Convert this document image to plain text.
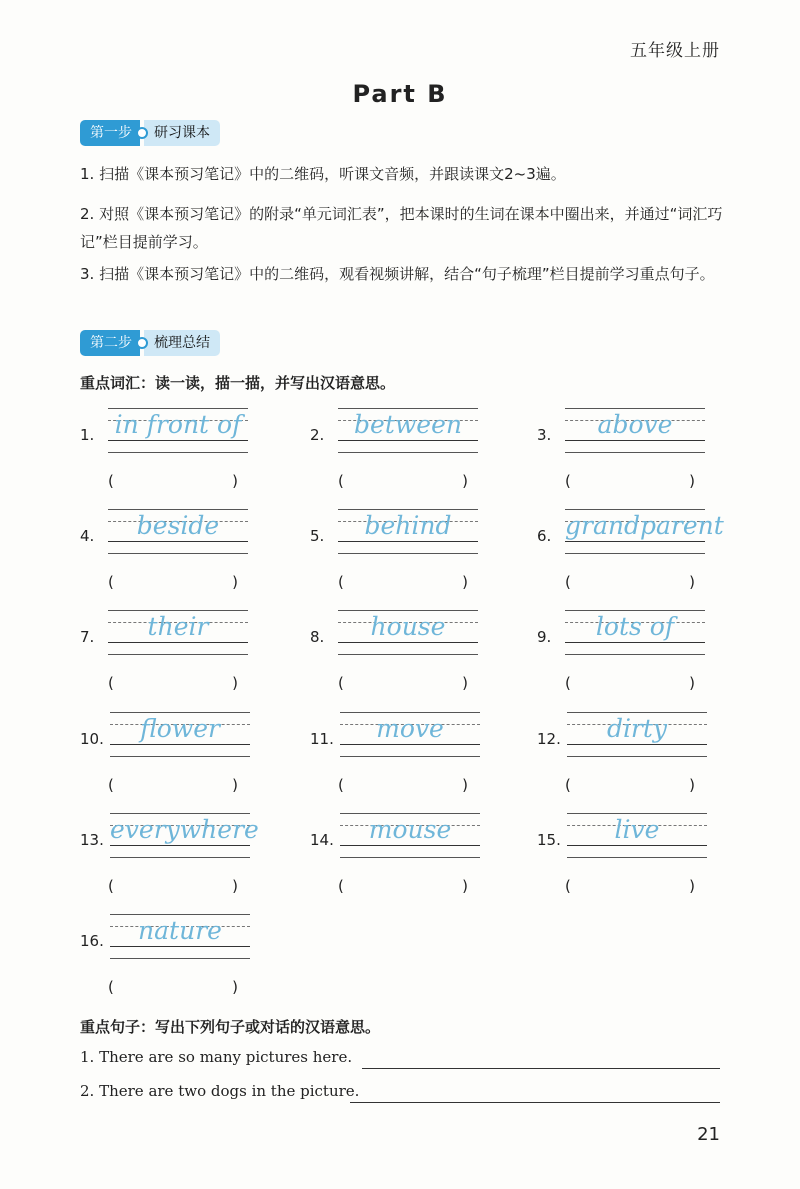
五年级上册
Part B
第一步	研习课本
1. 扫描《课本预习笔记》中的二维码，听课文音频，并跟读课文2~3遍。
2. 对照《课本预习笔记》的附录“单元词汇表”，把本课时的生词在课本中圈出来，并通过“词汇巧记”栏目提前学习。
3. 扫描《课本预习笔记》中的二维码，观看视频讲解，结合“句子梳理”栏目提前学习重点句子。
第二步	梳理总结
重点词汇：读一读，描一描，并写出汉语意思。
1. in front of
(	)
2.	between
(	)
3.	above
(	)
4.	beside
(	)
5.	behind
(	)
6. grandparent
(	)
7.	their
(	)
8.	house
(	)
9.	lots of
(	)
10.	flower
(	)
11.	move
(	)
12.	dirty
(	)
13. everywhere
(	)
14.	mouse
(	)
15.	live
(	)
16.	nature
(	)
重点句子：写出下列句子或对话的汉语意思。
1. There are so many pictures here.
2. There are two dogs in the picture.
21
